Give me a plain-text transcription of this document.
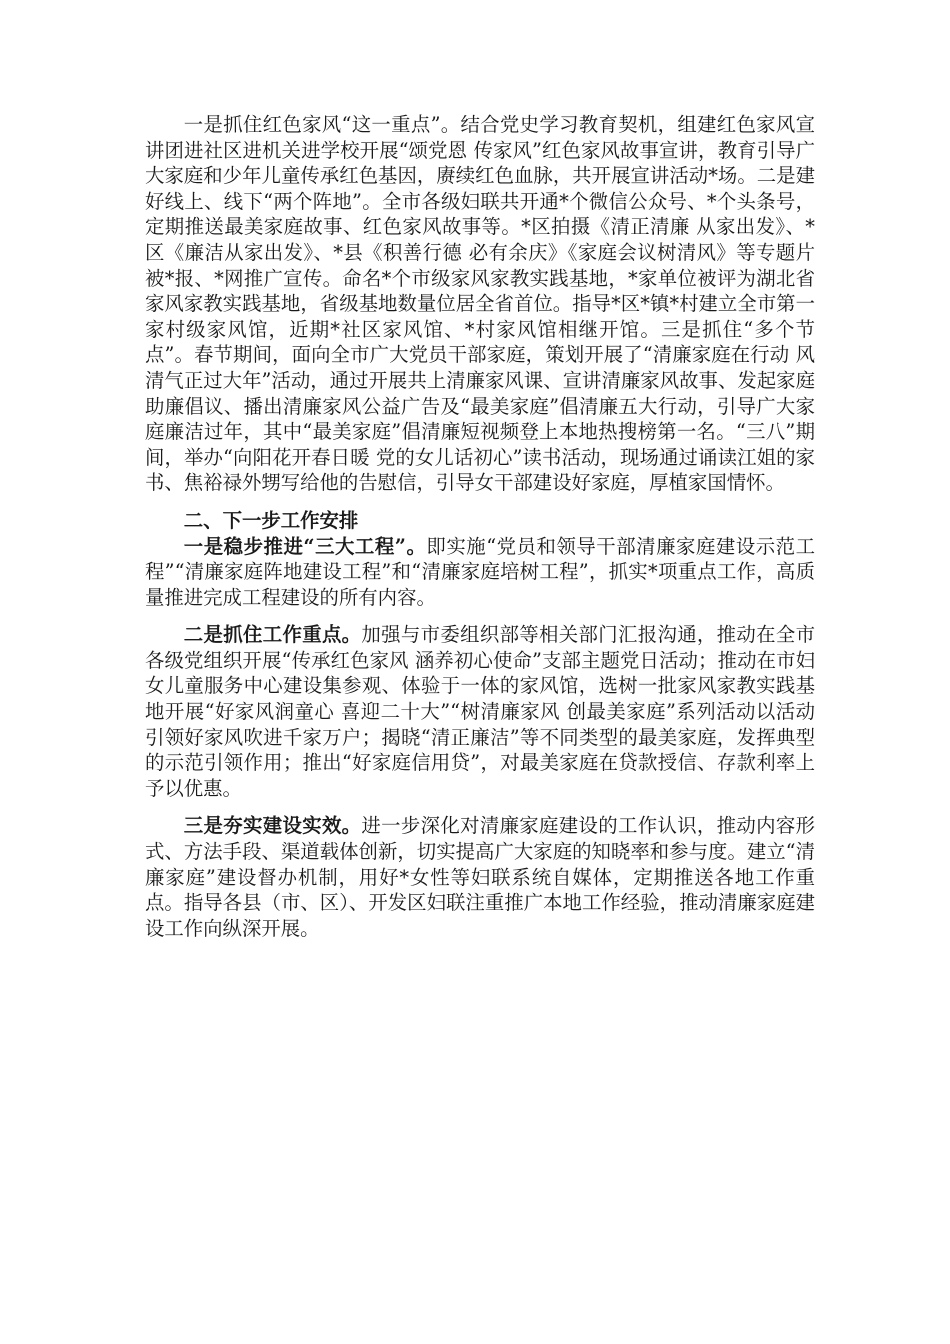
一是抓住红色家风“这一重点”。结合党史学习教育契机，组建红色家风宣讲团进社区进机关进学校开展“颂党恩 传家风”红色家风故事宣讲，教育引导广大家庭和少年儿童传承红色基因，赓续红色血脉，共开展宣讲活动*场。二是建好线上、线下“两个阵地”。全市各级妇联共开通*个微信公众号、*个头条号，定期推送最美家庭故事、红色家风故事等。*区拍摄《清正清廉 从家出发》、*区《廉洁从家出发》、*县《积善行德 必有余庆》《家庭会议树清风》等专题片被*报、*网推广宣传。命名*个市级家风家教实践基地，*家单位被评为湖北省家风家教实践基地，省级基地数量位居全省首位。指导*区*镇*村建立全市第一家村级家风馆，近期*社区家风馆、*村家风馆相继开馆。三是抓住“多个节点”。春节期间，面向全市广大党员干部家庭，策划开展了“清廉家庭在行动 风清气正过大年”活动，通过开展共上清廉家风课、宣讲清廉家风故事、发起家庭助廉倡议、播出清廉家风公益广告及“最美家庭”倡清廉五大行动，引导广大家庭廉洁过年，其中“最美家庭”倡清廉短视频登上本地热搜榜第一名。“三八”期间，举办“向阳花开春日暖 党的女儿话初心”读书活动，现场通过诵读江姐的家书、焦裕禄外甥写给他的告慰信，引导女干部建设好家庭，厚植家国情怀。

二、下一步工作安排

一是稳步推进“三大工程”。即实施“党员和领导干部清廉家庭建设示范工程”“清廉家庭阵地建设工程”和“清廉家庭培树工程”，抓实*项重点工作，高质量推进完成工程建设的所有内容。

二是抓住工作重点。加强与市委组织部等相关部门汇报沟通，推动在全市各级党组织开展“传承红色家风 涵养初心使命”支部主题党日活动；推动在市妇女儿童服务中心建设集参观、体验于一体的家风馆，选树一批家风家教实践基地开展“好家风润童心 喜迎二十大”“树清廉家风 创最美家庭”系列活动以活动引领好家风吹进千家万户；揭晓“清正廉洁”等不同类型的最美家庭，发挥典型的示范引领作用；推出“好家庭信用贷”，对最美家庭在贷款授信、存款利率上予以优惠。

三是夯实建设实效。进一步深化对清廉家庭建设的工作认识，推动内容形式、方法手段、渠道载体创新，切实提高广大家庭的知晓率和参与度。建立“清廉家庭”建设督办机制，用好*女性等妇联系统自媒体，定期推送各地工作重点。指导各县（市、区）、开发区妇联注重推广本地工作经验，推动清廉家庭建设工作向纵深开展。
